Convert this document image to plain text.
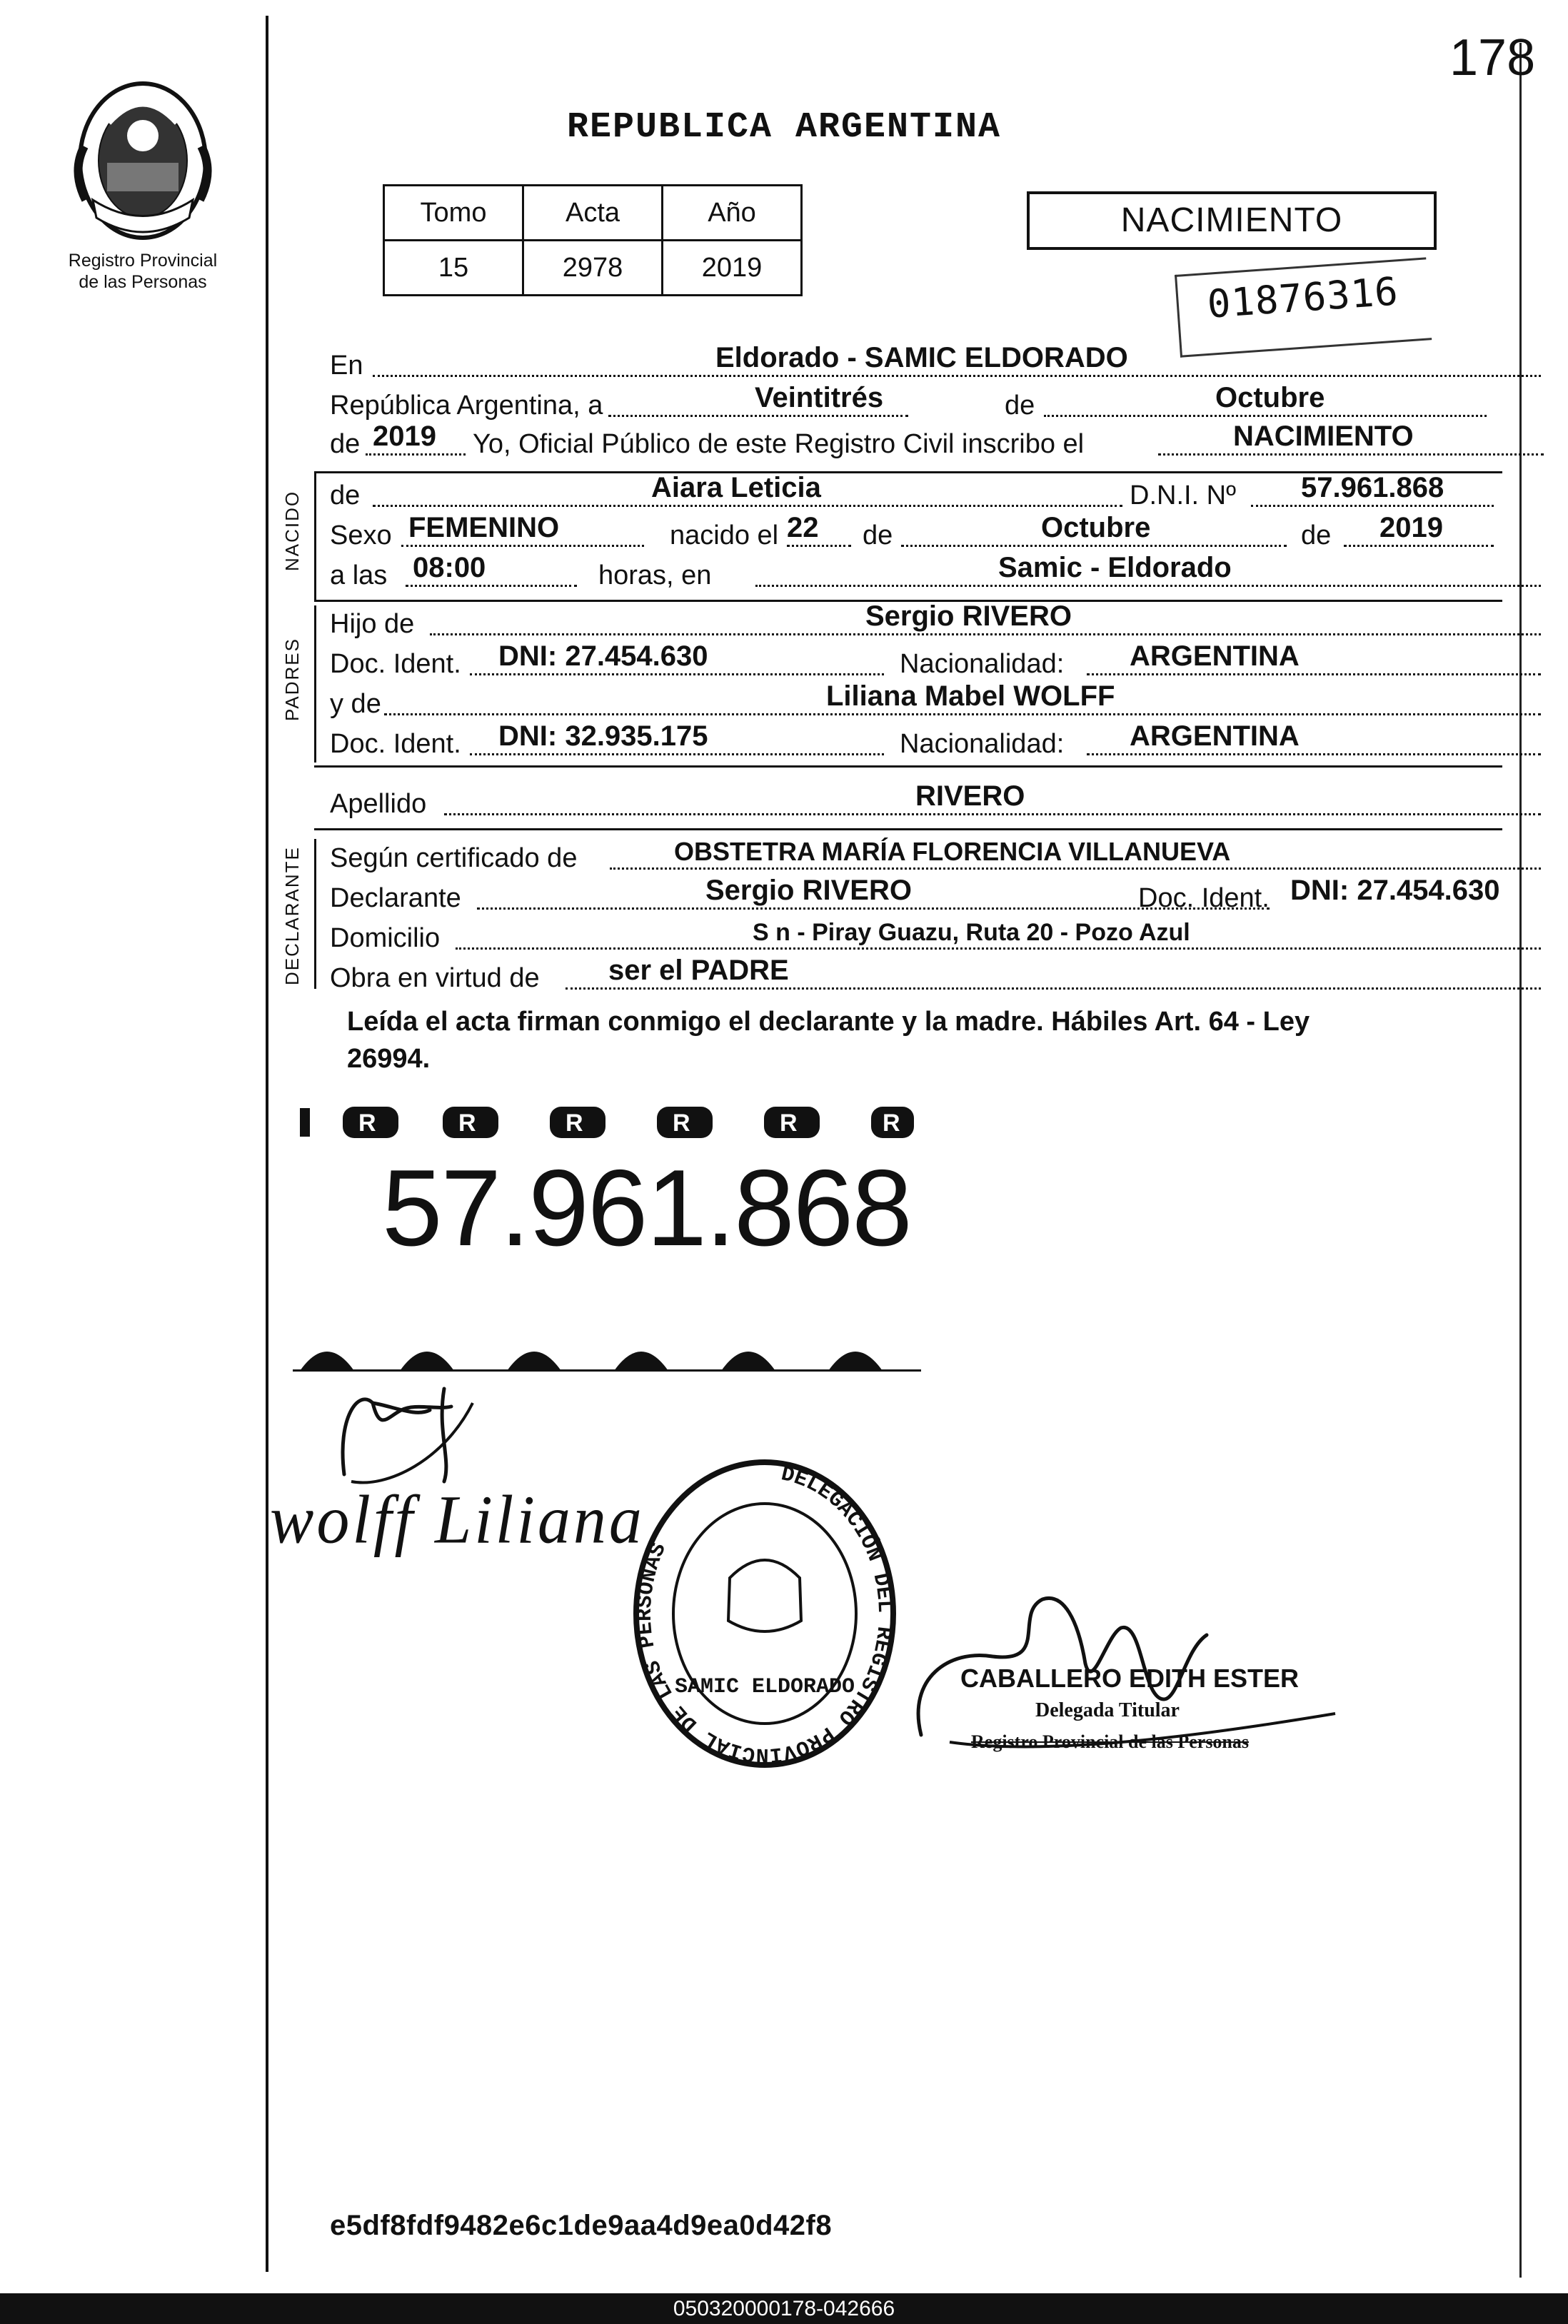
178
Registro Provincial
de las Personas
REPUBLICA ARGENTINA
Tomo	Acta	Año
15	2978	2019
NACIMIENTO
01876316
En	Eldorado - SAMIC ELDORADO
República Argentina, a	Veintitrés	de	Octubre
de 2019 Yo, Oficial Público de este Registro Civil inscribo el	NACIMIENTO
NACIDO de	Aiara Leticia	D.N.I. Nº 57.961.868
Sexo FEMENINO	nacido el 22 de	Octubre	de 2019
a las 08:00	horas, en	Samic - Eldorado
PADRES
Hijo de	Sergio RIVERO
Doc. Ident. DNI: 27.454.630	Nacionalidad: ARGENTINA
y de	Liliana Mabel WOLFF
Doc. Ident. DNI: 32.935.175	Nacionalidad: ARGENTINA
Apellido	RIVERO
DECLARANTE Según certificado de	OBSTETRA MARÍA FLORENCIA VILLANUEVA
Declarante	Sergio RIVERO	Doc. Ident. DNI: 27.454.630
Domicilio	S n - Piray Guazu, Ruta 20 - Pozo Azul
Obra en virtud de ser el PADRE
Leída el acta firman conmigo el declarante y la madre. Hábiles Art. 64 - Ley
26994.
R	R	R	R	R	R
57.961.868
wolff Liliana
DELEGACIÓN DEL REGISTRO PROVINCIAL DE LAS PERSONAS
SAMIC ELDORADO	CABALLERO EDITH ESTER
Delegada Titular
Registro Provincial de las Personas
e5df8fdf9482e6c1de9aa4d9ea0d42f8
050320000178-042666
